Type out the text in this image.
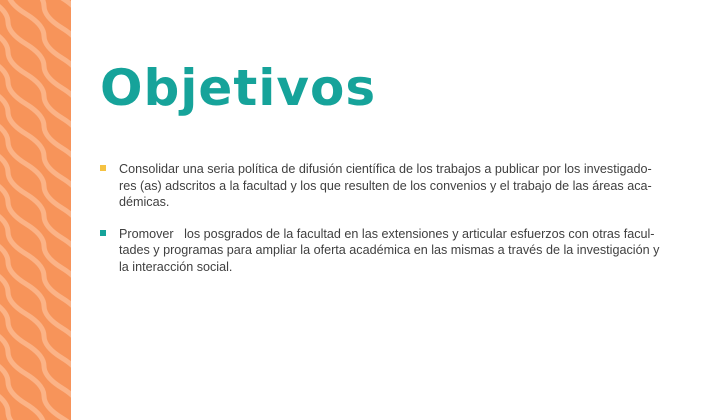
Objetivos
Consolidar una seria política de difusión científica de los trabajos a publicar por los investigado-
res (as) adscritos a la facultad y los que resulten de los convenios y el trabajo de las áreas aca-
démicas.
Promover   los posgrados de la facultad en las extensiones y articular esfuerzos con otras facul-
tades y programas para ampliar la oferta académica en las mismas a través de la investigación y
la interacción social.
